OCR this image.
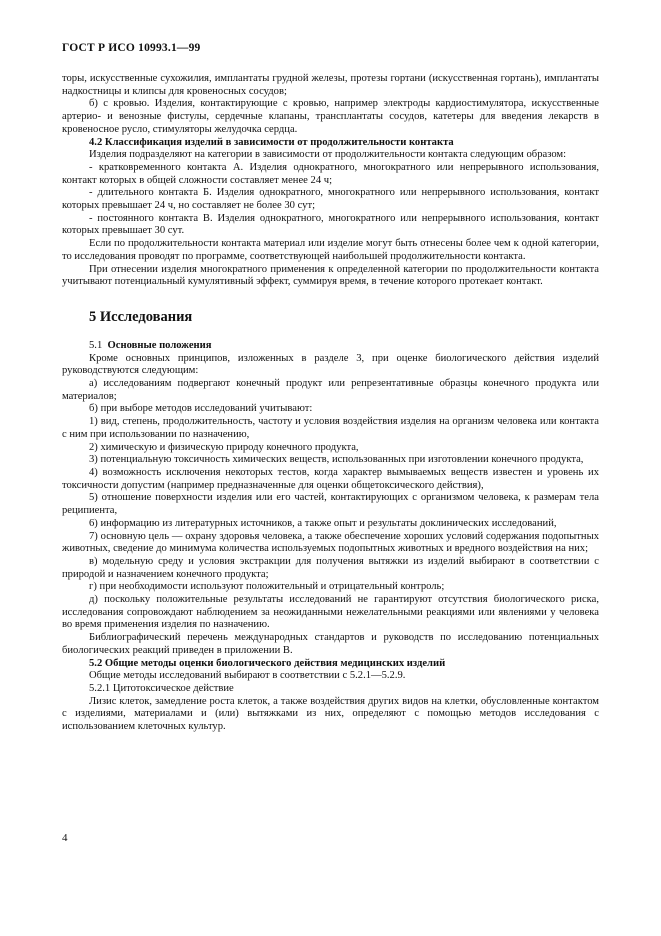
ГОСТ Р ИСО 10993.1—99

торы, искусственные сухожилия, имплантаты грудной железы, протезы гортани (искусственная гортань), имплантаты надкостницы и клипсы для кровеносных сосудов;

б) с кровью. Изделия, контактирующие с кровью, например электроды кардиостимулятора, искусственные артерио- и венозные фистулы, сердечные клапаны, трансплантаты сосудов, катетеры для введения лекарств в кровеносное русло, стимуляторы желудочка сердца.

4.2 Классификация изделий в зависимости от продолжительности контакта

Изделия подразделяют на категории в зависимости от продолжительности контакта следующим образом:

- кратковременного контакта А. Изделия однократного, многократного или непрерывного использования, контакт которых в общей сложности составляет менее 24 ч;

- длительного контакта Б. Изделия однократного, многократного или непрерывного использования, контакт которых превышает 24 ч, но составляет не более 30 сут;

- постоянного контакта В. Изделия однократного, многократного или непрерывного использования, контакт которых превышает 30 сут.

Если по продолжительности контакта материал или изделие могут быть отнесены более чем к одной категории, то исследования проводят по программе, соответствующей наибольшей продолжительности контакта.

При отнесении изделия многократного применения к определенной категории по продолжительности контакта учитывают потенциальный кумулятивный эффект, суммируя время, в течение которого протекает контакт.

5 Исследования

5.1 Основные положения

Кроме основных принципов, изложенных в разделе 3, при оценке биологического действия изделий руководствуются следующим:

а) исследованиям подвергают конечный продукт или репрезентативные образцы конечного продукта или материалов;

б) при выборе методов исследований учитывают:

1) вид, степень, продолжительность, частоту и условия воздействия изделия на организм человека или контакта с ним при использовании по назначению,

2) химическую и физическую природу конечного продукта,

3) потенциальную токсичность химических веществ, использованных при изготовлении конечного продукта,

4) возможность исключения некоторых тестов, когда характер вымываемых веществ известен и уровень их токсичности допустим (например предназначенные для оценки общетоксического действия),

5) отношение поверхности изделия или его частей, контактирующих с организмом человека, к размерам тела реципиента,

6) информацию из литературных источников, а также опыт и результаты доклинических исследований,

7) основную цель — охрану здоровья человека, а также обеспечение хороших условий содержания подопытных животных, сведение до минимума количества используемых подопытных животных и вредного воздействия на них;

в) модельную среду и условия экстракции для получения вытяжки из изделий выбирают в соответствии с природой и назначением конечного продукта;

г) при необходимости используют положительный и отрицательный контроль;

д) поскольку положительные результаты исследований не гарантируют отсутствия биологического риска, исследования сопровождают наблюдением за неожиданными нежелательными реакциями или явлениями у человека во время применения изделия по назначению.

Библиографический перечень международных стандартов и руководств по исследованию потенциальных биологических реакций приведен в приложении В.

5.2 Общие методы оценки биологического действия медицинских изделий

Общие методы исследований выбирают в соответствии с 5.2.1—5.2.9.

5.2.1 Цитотоксическое действие

Лизис клеток, замедление роста клеток, а также воздействия других видов на клетки, обусловленные контактом с изделиями, материалами и (или) вытяжками из них, определяют с помощью методов исследования с использованием клеточных культур.

4
